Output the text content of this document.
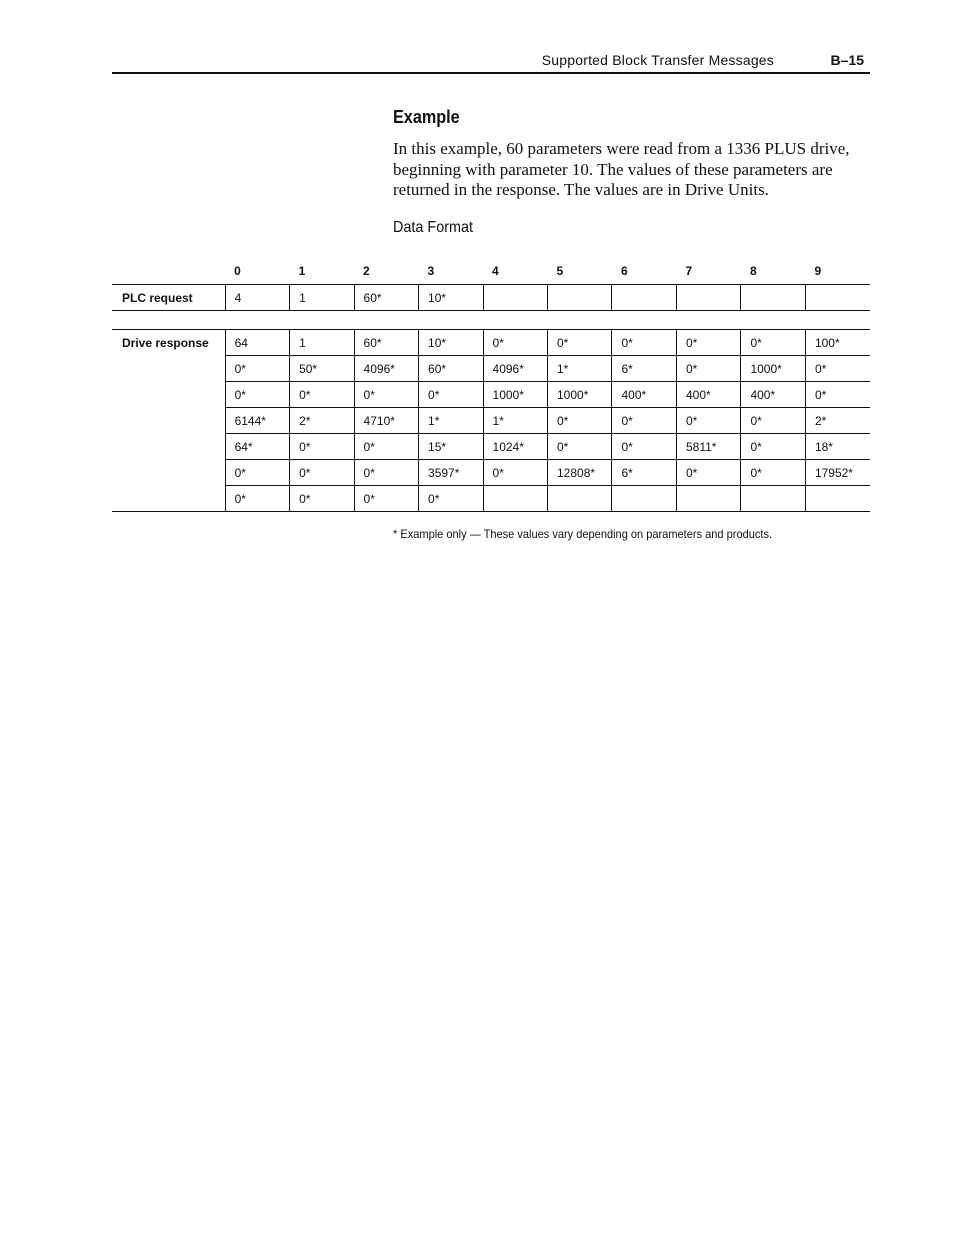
Supported Block Transfer Messages	B–15
Example

In this example, 60 parameters were read from a 1336 PLUS drive, beginning with parameter 10. The values of these parameters are returned in the response. The values are in Drive Units.

Data Format
	0	1	2	3	4	5	6	7	8	9
PLC request	4	1	60*	10*						

Drive response	64	1	60*	10*	0*	0*	0*	0*	0*	100*
	0*	50*	4096*	60*	4096*	1*	6*	0*	1000*	0*
	0*	0*	0*	0*	1000*	1000*	400*	400*	400*	0*
	6144*	2*	4710*	1*	1*	0*	0*	0*	0*	2*
	64*	0*	0*	15*	1024*	0*	0*	5811*	0*	18*
	0*	0*	0*	3597*	0*	12808*	6*	0*	0*	17952*
	0*	0*	0*	0*						
* Example only — These values vary depending on parameters and products.
